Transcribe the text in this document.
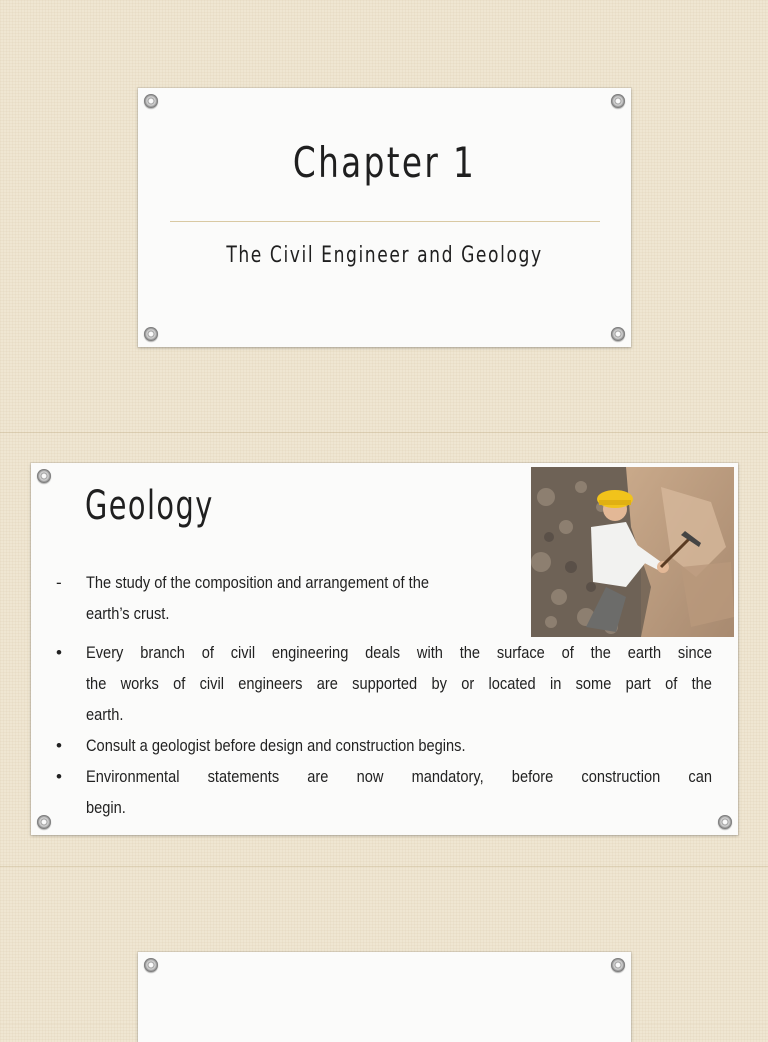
Chapter 1
The Civil Engineer and Geology
Geology
- The study of the composition and arrangement of the
earth’s crust.
• Every branch of civil engineering deals with the surface of the earth since
the works of civil engineers are supported by or located in some part of the
earth.
• Consult a geologist before design and construction begins.
• Environmental statements are now mandatory, before construction can
begin.
